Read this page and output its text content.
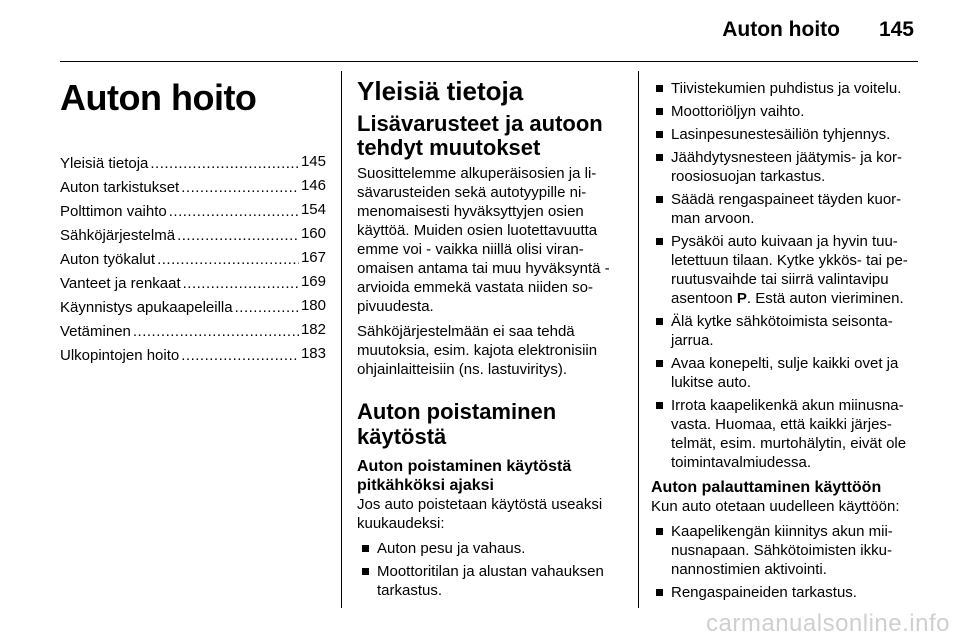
Auton hoito 145
Auton hoito
Yleisiä tietoja .....	145
Auton tarkistukset .....	146
Polttimon vaihto .....	154
Sähköjärjestelmä .....	160
Auton työkalut .....	167
Vanteet ja renkaat .....	169
Käynnistys apukaapeleilla .....	180
Vetäminen .....	182
Ulkopintojen hoito .....	183
Yleisiä tietoja
Lisävarusteet ja autoon tehdyt muutokset

Suosittelemme alkuperäisosien ja li-sävarusteiden sekä autotyypille ni-menomaisesti hyväksyttyjen osien käyttöä. Muiden osien luotettavuutta emme voi - vaikka niillä olisi viran-omaisen antama tai muu hyväksyntä - arvioida emmekä vastata niiden so-pivuudesta.

Sähköjärjestelmään ei saa tehdä muutoksia, esim. kajota elektronisiin ohjainlaitteisiin (ns. lastuviritys).

Auton poistaminen käytöstä
Auton poistaminen käytöstä pitkähköksi ajaksi

Jos auto poistetaan käytöstä useaksi kuukaudeksi:

Auton pesu ja vahaus.
Moottoritilan ja alustan vahauksen tarkastus.
Tiivistekumien puhdistus ja voitelu.
Moottoriöljyn vaihto.
Lasinpesunestesäiliön tyhjennys.
Jäähdytysnesteen jäätymis- ja kor-roosiosuojan tarkastus.
Säädä rengaspaineet täyden kuor-man arvoon.
Pysäköi auto kuivaan ja hyvin tuu-letettuun tilaan. Kytke ykkös- tai pe-ruutusvaihde tai siirrä valintavipu asentoon P. Estä auton vieriminen.
Älä kytke sähkötoimista seisonta-jarrua.
Avaa konepelti, sulje kaikki ovet ja lukitse auto.
Irrota kaapelikenkä akun miinusna-vasta. Huomaa, että kaikki järjes-telmät, esim. murtohälytin, eivät ole toimintavalmiudessa.
Auton palauttaminen käyttöön

Kun auto otetaan uudelleen käyttöön:

Kaapelikengän kiinnitys akun mii-nusnapaan. Sähkötoimisten ikku-nannostimien aktivointi.
Rengaspaineiden tarkastus.
carmanualsonline.info
